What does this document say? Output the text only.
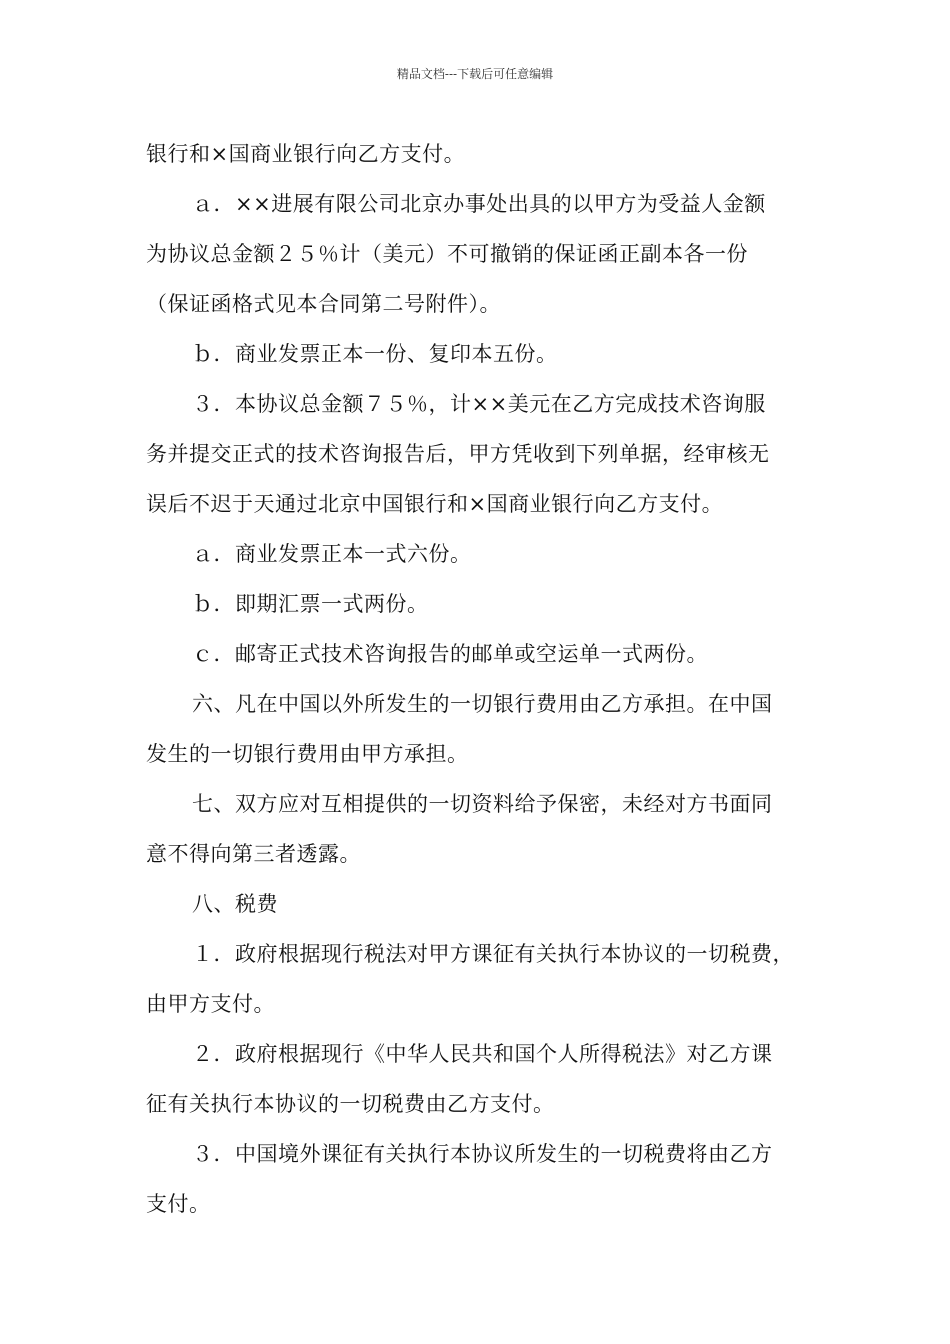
精品文档---下载后可任意编辑
银行和×国商业银行向乙方支付。
ａ．××进展有限公司北京办事处出具的以甲方为受益人金额
为协议总金额２５％计（美元）不可撤销的保证函正副本各一份
（保证函格式见本合同第二号附件）。
ｂ．商业发票正本一份、复印本五份。
３．本协议总金额７５％，计××美元在乙方完成技术咨询服
务并提交正式的技术咨询报告后，甲方凭收到下列单据，经审核无
误后不迟于天通过北京中国银行和×国商业银行向乙方支付。
ａ．商业发票正本一式六份。
ｂ．即期汇票一式两份。
ｃ．邮寄正式技术咨询报告的邮单或空运单一式两份。
六、凡在中国以外所发生的一切银行费用由乙方承担。在中国
发生的一切银行费用由甲方承担。
七、双方应对互相提供的一切资料给予保密，未经对方书面同
意不得向第三者透露。
八、税费
１．政府根据现行税法对甲方课征有关执行本协议的一切税费，
由甲方支付。
２．政府根据现行《中华人民共和国个人所得税法》对乙方课
征有关执行本协议的一切税费由乙方支付。
３．中国境外课征有关执行本协议所发生的一切税费将由乙方
支付。
